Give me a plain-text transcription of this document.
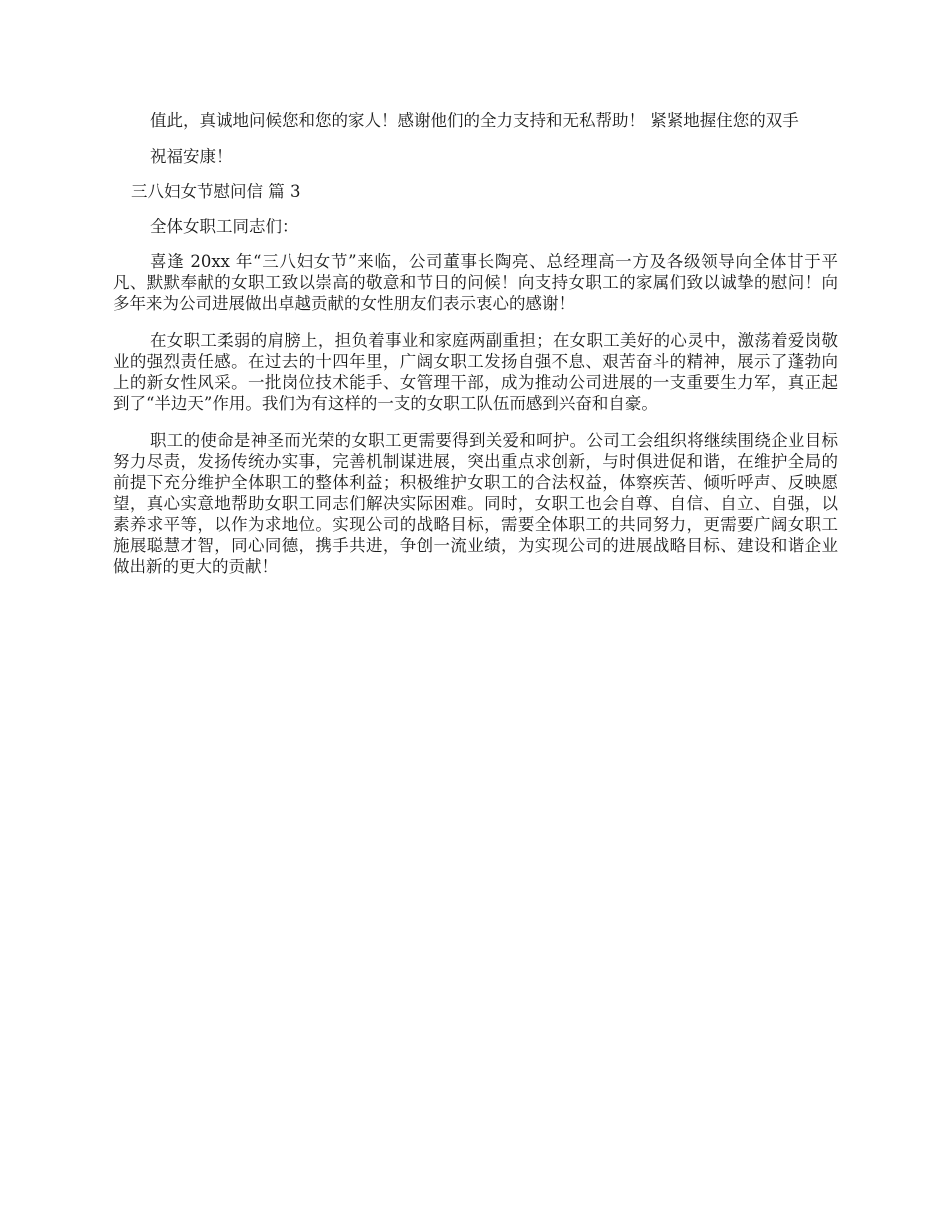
值此，真诚地问候您和您的家人！感谢他们的全力支持和无私帮助！ 紧紧地握住您的双手

祝福安康！

三八妇女节慰问信 篇 3

全体女职工同志们：

喜逢 20xx 年“三八妇女节”来临，公司董事长陶亮、总经理高一方及各级领导向全体甘于平凡、默默奉献的女职工致以崇高的敬意和节日的问候！向支持女职工的家属们致以诚挚的慰问！向多年来为公司进展做出卓越贡献的女性朋友们表示衷心的感谢！

在女职工柔弱的肩膀上，担负着事业和家庭两副重担；在女职工美好的心灵中，激荡着爱岗敬业的强烈责任感。在过去的十四年里，广阔女职工发扬自强不息、艰苦奋斗的精神，展示了蓬勃向上的新女性风采。一批岗位技术能手、女管理干部，成为推动公司进展的一支重要生力军，真正起到了“半边天”作用。我们为有这样的一支的女职工队伍而感到兴奋和自豪。

职工的使命是神圣而光荣的女职工更需要得到关爱和呵护。公司工会组织将继续围绕企业目标努力尽责，发扬传统办实事，完善机制谋进展，突出重点求创新，与时俱进促和谐，在维护全局的前提下充分维护全体职工的整体利益；积极维护女职工的合法权益，体察疾苦、倾听呼声、反映愿望，真心实意地帮助女职工同志们解决实际困难。同时，女职工也会自尊、自信、自立、自强，以素养求平等，以作为求地位。实现公司的战略目标，需要全体职工的共同努力，更需要广阔女职工施展聪慧才智，同心同德，携手共进，争创一流业绩，为实现公司的进展战略目标、建设和谐企业做出新的更大的贡献！
